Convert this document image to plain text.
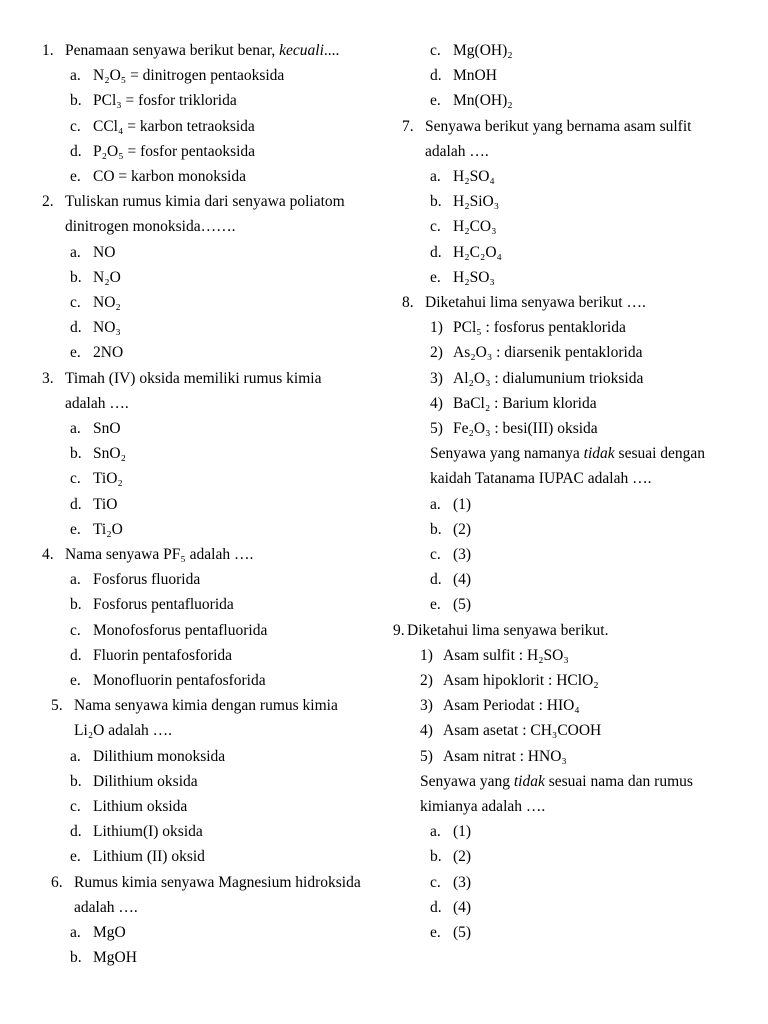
1. Penamaan senyawa berikut benar, kecuali ....
a. N₂O₅ = dinitrogen pentaoksida
b. PCl₃ = fosfor triklorida
c. CCl₄ = karbon tetraoksida
d. P₂O₅ = fosfor pentaoksida
e. CO = karbon monoksida
2. Tuliskan rumus kimia dari senyawa poliatom
dinitrogen monoksida…….
a. NO
b. N₂O
c. NO₂
d. NO₃
e. 2NO
3. Timah (IV) oksida memiliki rumus kimia
adalah ….
a. SnO
b. SnO₂
c. TiO₂
d. TiO
e. Ti₂O
4. Nama senyawa PF₅ adalah ….
a. Fosforus fluorida
b. Fosforus pentafluorida
c. Monofosforus pentafluorida
d. Fluorin pentafosforida
e. Monofluorin pentafosforida
5. Nama senyawa kimia dengan rumus kimia
Li₂O adalah ….
a. Dilithium monoksida
b. Dilithium oksida
c. Lithium oksida
d. Lithium(I) oksida
e. Lithium (II) oksid
6. Rumus kimia senyawa Magnesium hidroksida
adalah ….
a. MgO
b. MgOH
c. Mg(OH)₂
d. MnOH
e. Mn(OH)₂
7. Senyawa berikut yang bernama asam sulfit
adalah ….
a. H₂SO₄
b. H₂SiO₃
c. H₂CO₃
d. H₂C₂O₄
e. H₂SO₃
8. Diketahui lima senyawa berikut ….
1) PCl₅ : fosforus pentaklorida
2) As₂O₃ : diarsenik pentaklorida
3) Al₂O₃ : dialumunium trioksida
4) BaCl₂ : Barium klorida
5) Fe₂O₃ : besi(III) oksida
Senyawa yang namanya tidak sesuai dengan
kaidah Tatanama IUPAC adalah ….
a. (1)
b. (2)
c. (3)
d. (4)
e. (5)
9. Diketahui lima senyawa berikut.
1) Asam sulfit : H₂SO₃
2) Asam hipoklorit : HClO₂
3) Asam Periodat : HIO₄
4) Asam asetat : CH₃COOH
5) Asam nitrat : HNO₃
Senyawa yang tidak sesuai nama dan rumus
kimianya adalah ….
a. (1)
b. (2)
c. (3)
d. (4)
e. (5)
